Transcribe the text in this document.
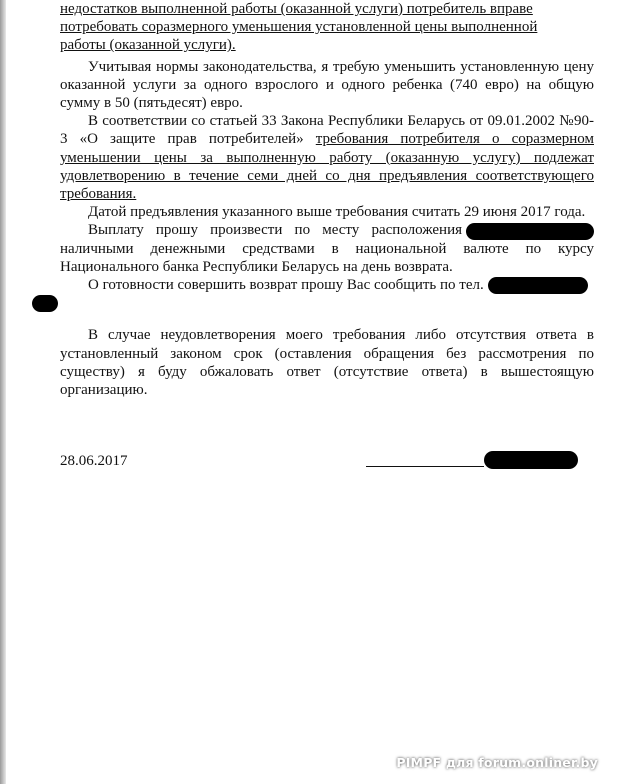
недостатков выполненной работы (оказанной услуги) потребитель вправе
потребовать соразмерного уменьшения установленной цены выполненной
работы (оказанной услуги).

Учитывая нормы законодательства, я требую уменьшить установленную цену оказанной услуги за одного взрослого и одного ребенка (740 евро) на общую сумму в 50 (пятьдесят) евро.

В соответствии со статьей 33 Закона Республики Беларусь от 09.01.2002 №90-3 «О защите прав потребителей» требования потребителя о соразмерном уменьшении цены за выполненную работу (оказанную услугу) подлежат удовлетворению в течение семи дней со дня предъявления соответствующего требования.

Датой предъявления указанного выше требования считать 29 июня 2017 года.

Выплату прошу произвести по месту расположения наличными денежными средствами в национальной валюте по курсу Национального банка Республики Беларусь на день возврата.

О готовности совершить возврат прошу Вас сообщить по тел.

В случае неудовлетворения моего требования либо отсутствия ответа в установленный законом срок (оставления обращения без рассмотрения по существу) я буду обжаловать ответ (отсутствие ответа) в вышестоящую организацию.

28.06.2017
PIMPF для forum.onliner.by
